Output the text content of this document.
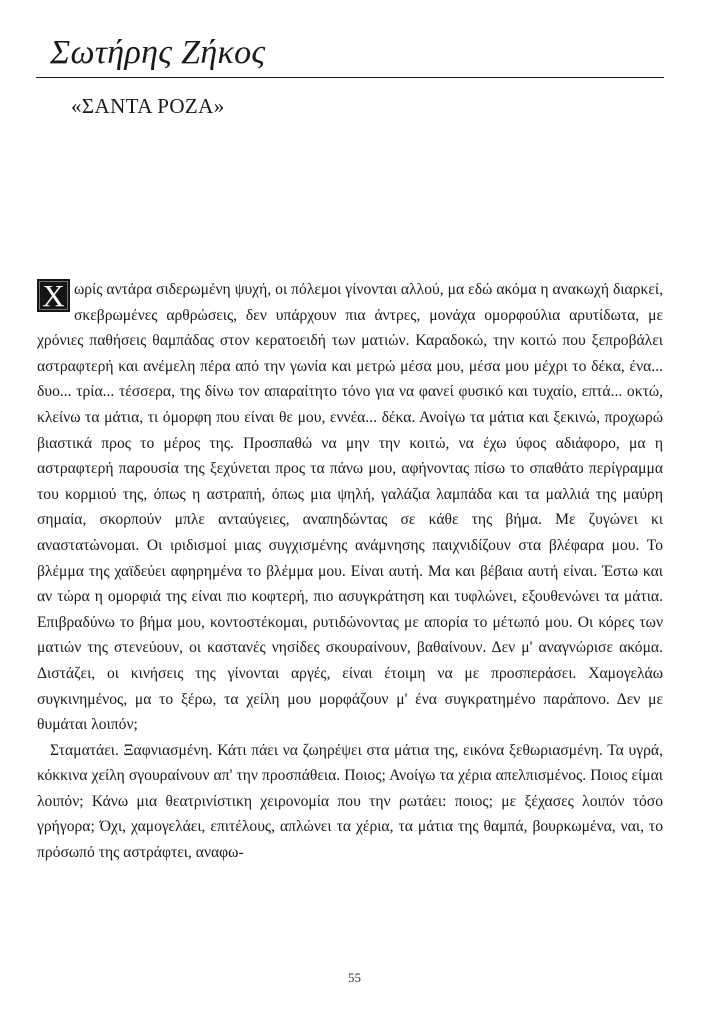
Σωτήρης Ζήκος
«ΣΑΝΤΑ ΡΟΖΑ»

Χ ωρίς αντάρα σιδερωμένη ψυχή, οι πόλεμοι γίνονται αλλού, μα εδώ ακόμα η ανακωχή διαρκεί, σκεβρωμένες αρθρώσεις, δεν υπάρχουν πια άντρες, μονάχα ομορφούλια αρυτίδωτα, με χρόνιες παθήσεις θαμπάδας στον κερατοειδή των ματιών. Καραδοκώ, την κοιτώ που ξεπροβάλει αστραφτερή και ανέμελη πέρα από την γωνία και μετρώ μέσα μου, μέσα μου μέχρι το δέκα, ένα... δυο... τρία... τέσσερα, της δίνω τον απαραίτητο τόνο για να φανεί φυσικό και τυχαίο, επτά... οκτώ, κλείνω τα μάτια, τι όμορφη που είναι θε μου, εννέα... δέκα. Ανοίγω τα μάτια και ξεκινώ, προχωρώ βιαστικά προς το μέρος της. Προσπαθώ να μην την κοιτώ, να έχω ύφος αδιάφορο, μα η αστραφτερή παρουσία της ξεχύνεται προς τα πάνω μου, αφήνοντας πίσω το σπαθάτο περίγραμμα του κορμιού της, όπως η αστραπή, όπως μια ψηλή, γαλάζια λαμπάδα και τα μαλλιά της μαύρη σημαία, σκορπούν μπλε ανταύγειες, αναπηδώντας σε κάθε της βήμα. Με ζυγώνει κι αναστατώνομαι. Οι ιριδισμοί μιας συγχισμένης ανάμνησης παιχνιδίζουν στα βλέφαρα μου. Το βλέμμα της χαϊδεύει αφηρημένα το βλέμμα μου. Είναι αυτή. Μα και βέβαια αυτή είναι. Έστω και αν τώρα η ομορφιά της είναι πιο κοφτερή, πιο ασυγκράτηση και τυφλώνει, εξουθενώνει τα μάτια. Επιβραδύνω το βήμα μου, κοντοστέκομαι, ρυτιδώνοντας με απορία το μέτωπό μου. Οι κόρες των ματιών της στενεύουν, οι καστανές νησίδες σκουραίνουν, βαθαίνουν. Δεν μ' αναγνώρισε ακόμα. Διστάζει, οι κινήσεις της γίνονται αργές, είναι έτοιμη να με προσπεράσει. Χαμογελάω συγκινημένος, μα το ξέρω, τα χείλη μου μορφάζουν μ' ένα συγκρατημένο παράπονο. Δεν με θυμάται λοιπόν;

Σταματάει. Ξαφνιασμένη. Κάτι πάει να ζωηρέψει στα μάτια της, εικόνα ξεθωριασμένη. Τα υγρά, κόκκινα χείλη σγουραίνουν απ' την προσπάθεια. Ποιος; Ανοίγω τα χέρια απελπισμένος. Ποιος είμαι λοιπόν; Κάνω μια θεατρινίστικη χειρονομία που την ρωτάει: ποιος; με ξέχασες λοιπόν τόσο γρήγορα; Όχι, χαμογελάει, επιτέλους, απλώνει τα χέρια, τα μάτια της θαμπά, βουρκωμένα, ναι, το πρόσωπό της αστράφτει, αναφω-

55
